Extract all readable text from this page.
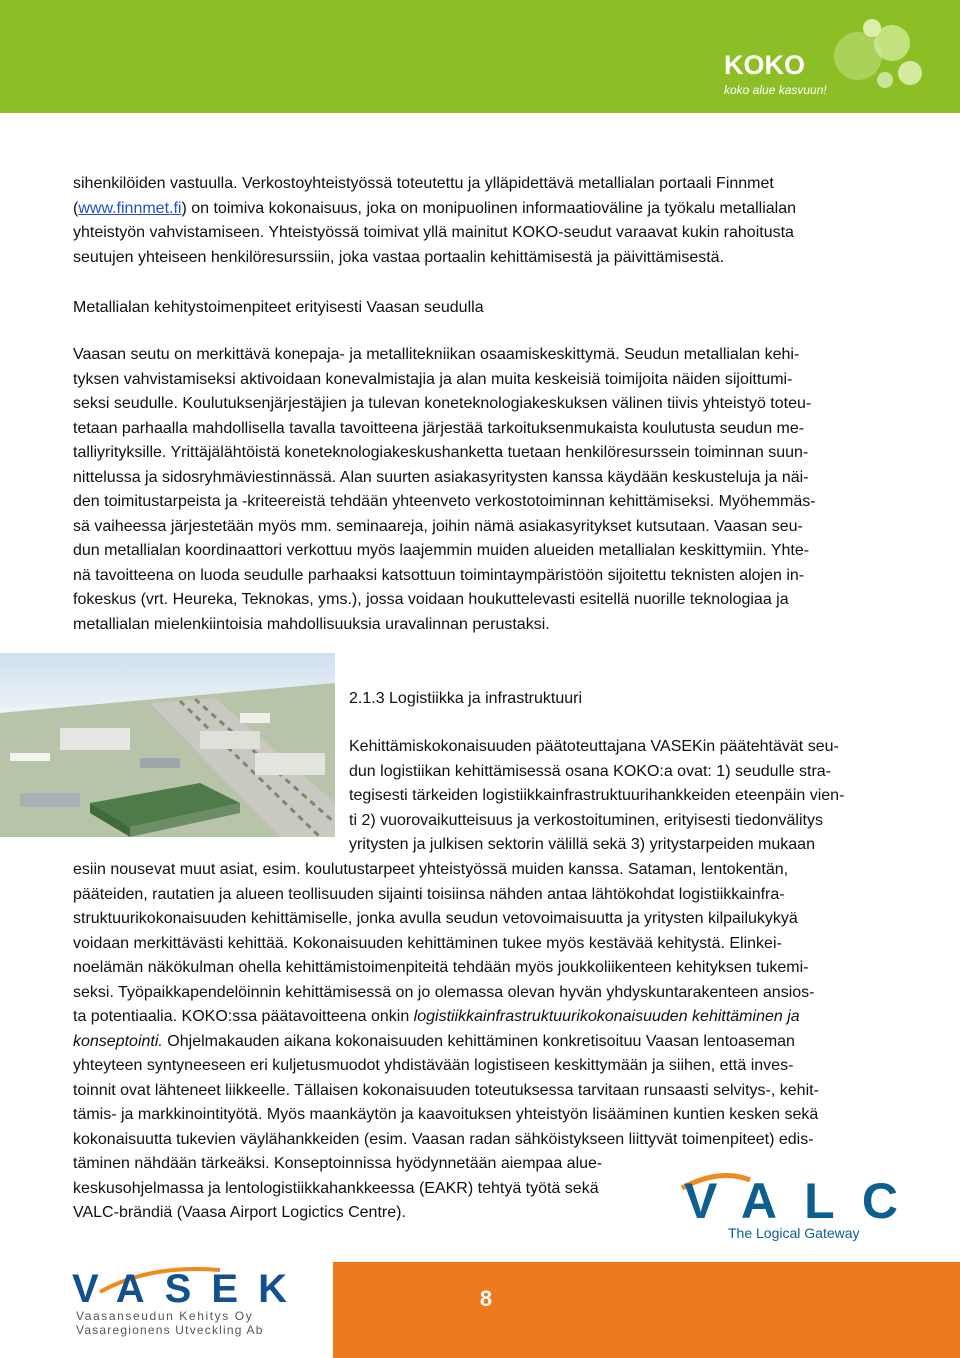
KOKO
koko alue kasvuun!
sihenkilöiden vastuulla. Verkostoyhteistyössä toteutettu ja ylläpidettävä metallialan portaali Finnmet
(www.finnmet.fi) on toimiva kokonaisuus, joka on monipuolinen informaatioväline ja työkalu metallialan
yhteistyön vahvistamiseen. Yhteistyössä toimivat yllä mainitut KOKO-seudut varaavat kukin rahoitusta
seutujen yhteiseen henkilöresurssiin, joka vastaa portaalin kehittämisestä ja päivittämisestä.
Metallialan kehitystoimenpiteet erityisesti Vaasan seudulla
Vaasan seutu on merkittävä konepaja- ja metallitekniikan osaamiskeskittymä. Seudun metallialan kehi-
tyksen vahvistamiseksi aktivoidaan konevalmistajia ja alan muita keskeisiä toimijoita näiden sijoittumi-
seksi seudulle. Koulutuksenjärjestäjien ja tulevan koneteknologiakeskuksen välinen tiivis yhteistyö toteu-
tetaan parhaalla mahdollisella tavalla tavoitteena järjestää tarkoituksenmukaista koulutusta seudun me-
talliyrityksille. Yrittäjälähtöistä koneteknologiakeskushanketta tuetaan henkilöresurssein toiminnan suun-
nittelussa ja sidosryhmäviestinnässä. Alan suurten asiakasyritysten kanssa käydään keskusteluja ja näi-
den toimitustarpeista ja -kriteereistä tehdään yhteenveto verkostotoiminnan kehittämiseksi. Myöhemmäs-
sä vaiheessa järjestetään myös mm. seminaareja, joihin nämä asiakasyritykset kutsutaan. Vaasan seu-
dun metallialan koordinaattori verkottuu myös laajemmin muiden alueiden metallialan keskittymiin. Yhte-
nä tavoitteena on luoda seudulle parhaaksi katsottuun toimintaympäristöön sijoitettu teknisten alojen in-
fokeskus (vrt. Heureka, Teknokas, yms.), jossa voidaan houkuttelevasti esitellä nuorille teknologiaa ja
metallialan mielenkiintoisia mahdollisuuksia uravalinnan perustaksi.
2.1.3 Logistiikka ja infrastruktuuri
Kehittämiskokonaisuuden päätoteuttajana VASEKin päätehtävät seu-
dun logistiikan kehittämisessä osana KOKO:a ovat: 1) seudulle stra-
tegisesti tärkeiden logistiikkainfrastruktuurihankkeiden eteenpäin vien-
ti 2) vuorovaikutteisuus ja verkostoituminen, erityisesti tiedonvälitys
yritysten ja julkisen sektorin välillä sekä 3) yritystarpeiden mukaan
esiin nousevat muut asiat, esim. koulutustarpeet yhteistyössä muiden kanssa. Sataman, lentokentän,
pääteiden, rautatien ja alueen teollisuuden sijainti toisiinsa nähden antaa lähtökohdat logistiikkainfra-
struktuurikokonaisuuden kehittämiselle, jonka avulla seudun vetovoimaisuutta ja yritysten kilpailukykyä
voidaan merkittävästi kehittää. Kokonaisuuden kehittäminen tukee myös kestävää kehitystä. Elinkei-
noelämän näkökulman ohella kehittämistoimenpiteitä tehdään myös joukkoliikenteen kehityksen tukemi-
seksi. Työpaikkapendelöinnin kehittämisessä on jo olemassa olevan hyvän yhdyskuntarakenteen ansios-
ta potentiaalia. KOKO:ssa päätavoitteena onkin logistiikkainfrastruktuurikokonaisuuden kehittäminen ja
konseptointi. Ohjelmakauden aikana kokonaisuuden kehittäminen konkretisoituu Vaasan lentoaseman
yhteyteen syntyneeseen eri kuljetusmuodot yhdistävään logistiseen keskittymään ja siihen, että inves-
toinnit ovat lähteneet liikkeelle. Tällaisen kokonaisuuden toteutuksessa tarvitaan runsaasti selvitys-, kehit-
tämis- ja markkinointityötä. Myös maankäytön ja kaavoituksen yhteistyön lisääminen kuntien kesken sekä
kokonaisuutta tukevien väylähankkeiden (esim. Vaasan radan sähköistykseen liittyvät toimenpiteet) edis-
täminen nähdään tärkeäksi. Konseptoinnissa hyödynnetään aiempaa alue-
keskusohjelmassa ja lentologistiikkahankkeessa (EAKR) tehtyä työtä sekä
VALC-brändiä (Vaasa Airport Logictics Centre).	VALC
The Logical Gateway
VASEK
Vaasanseudun Kehitys Oy
Vasaregionens Utveckling Ab
8
